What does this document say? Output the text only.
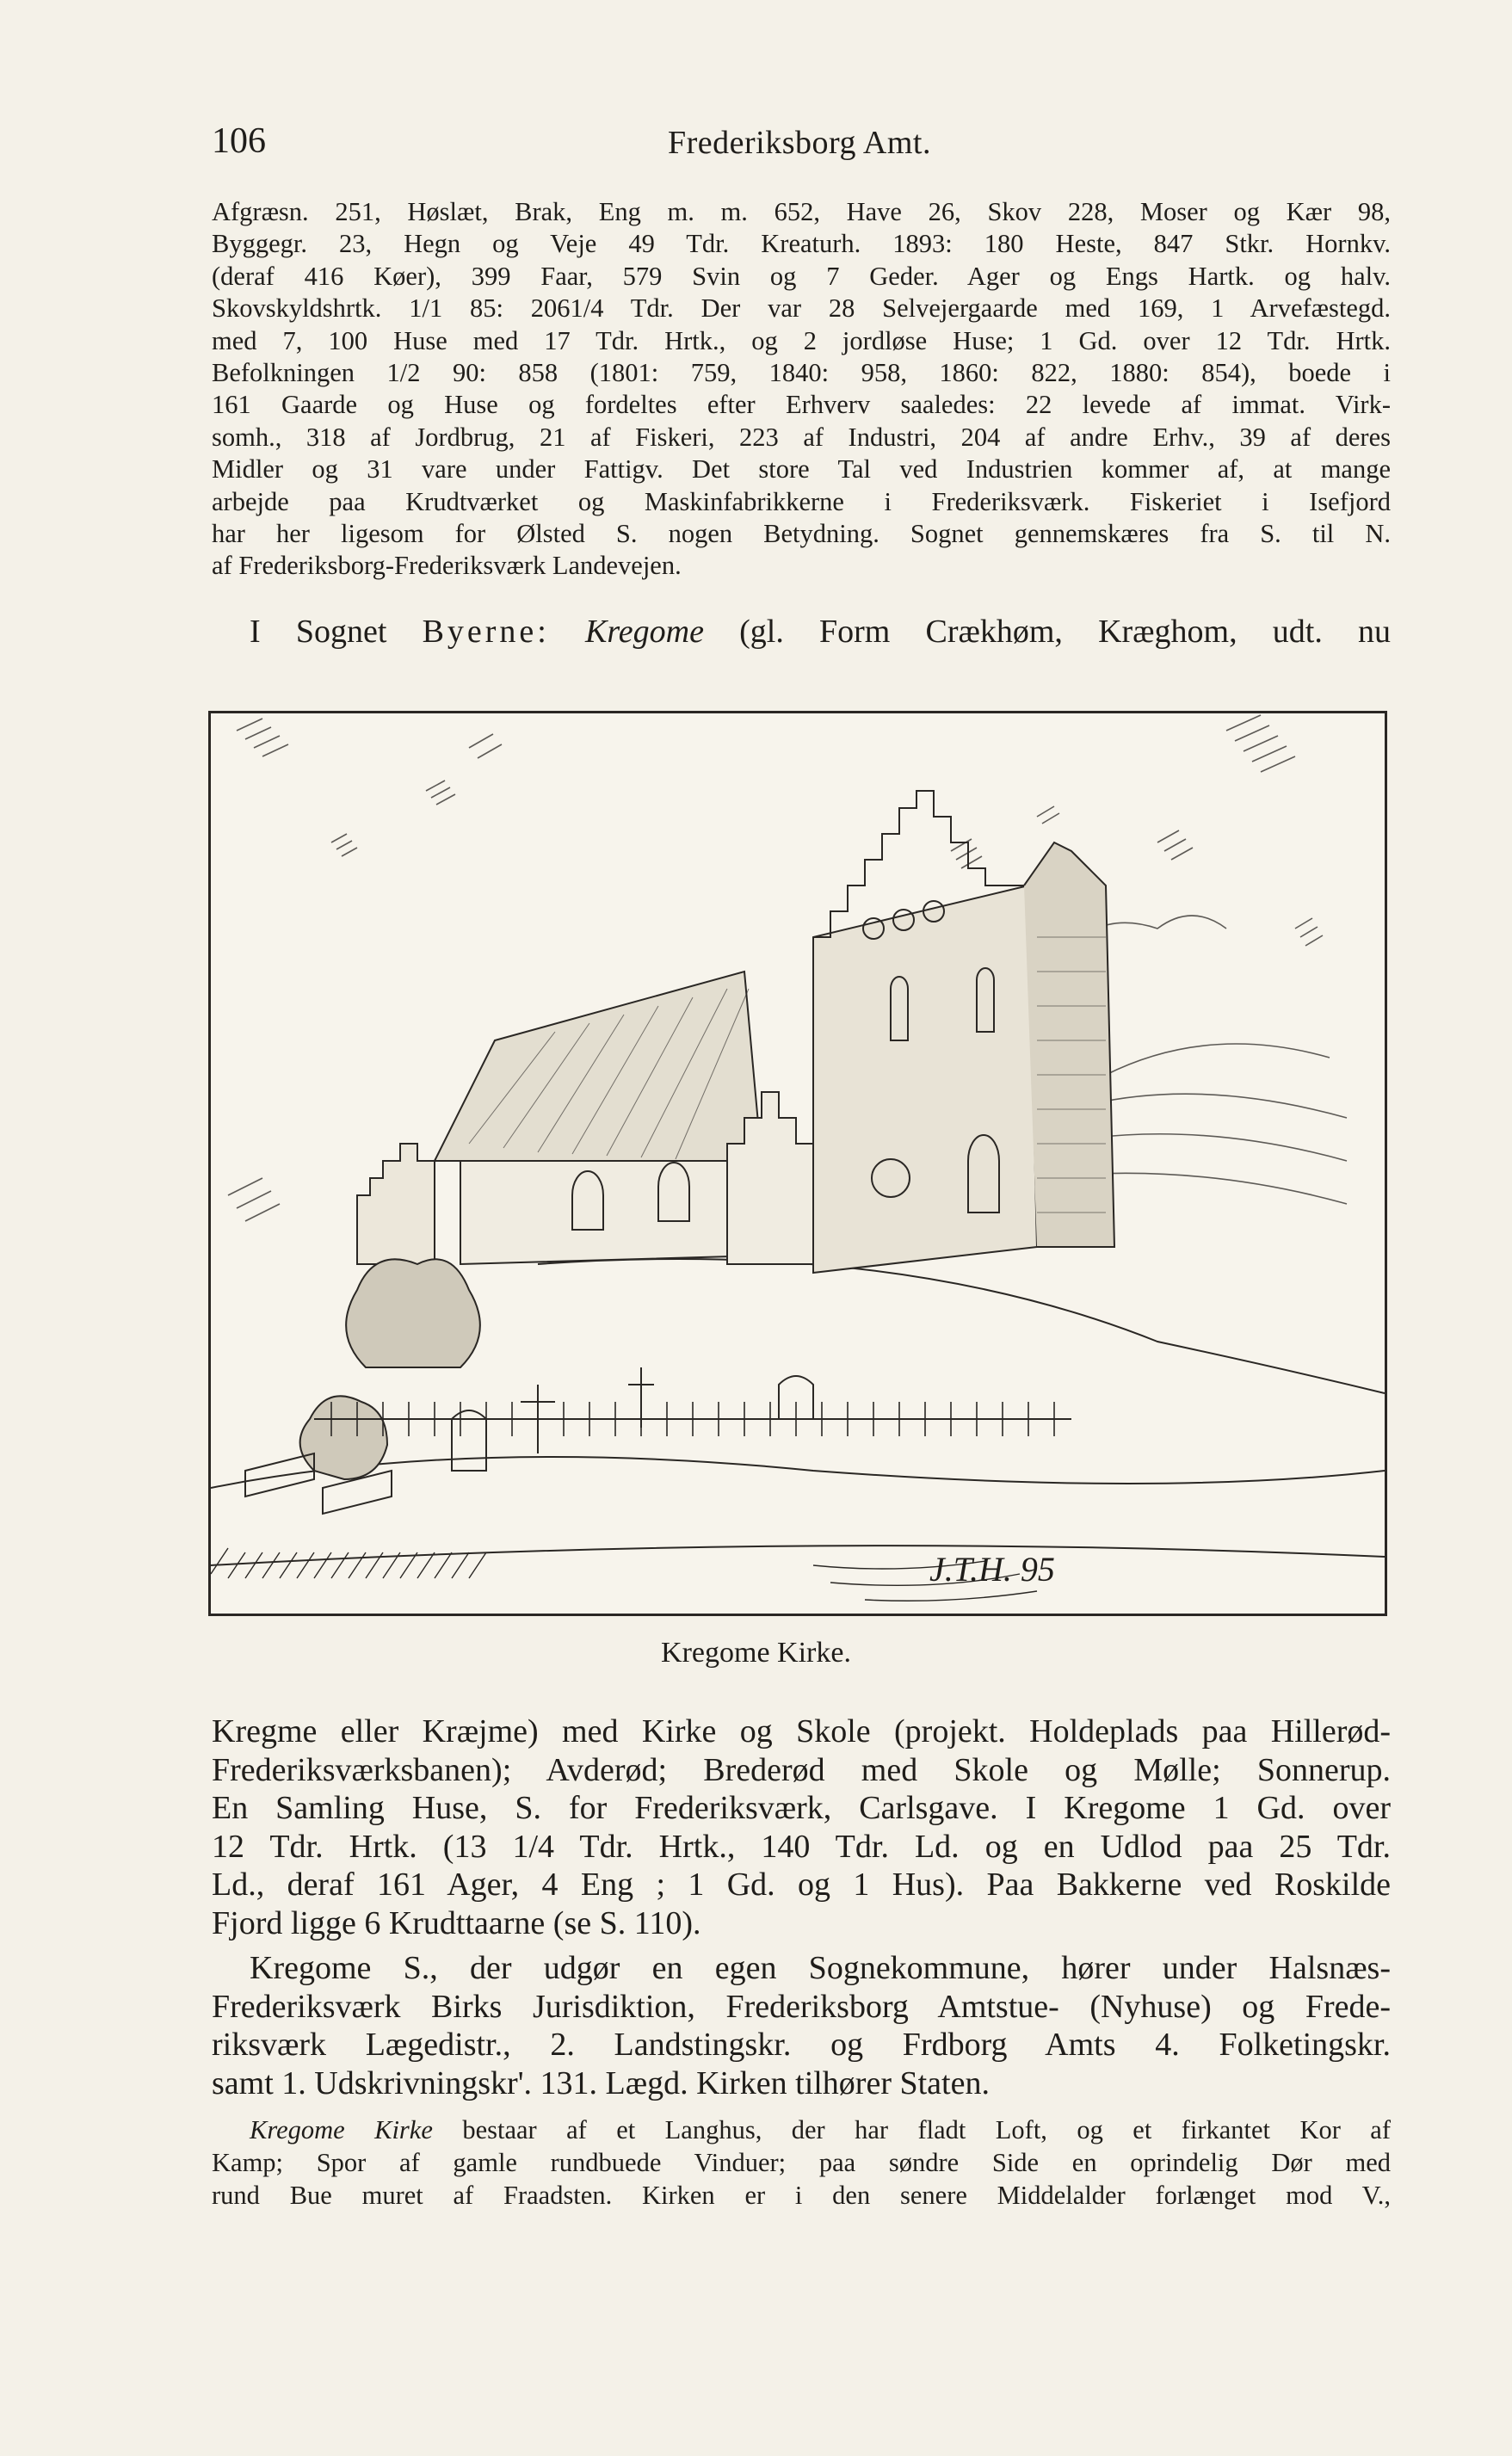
106	Frederiksborg Amt.
Afgræsn. 251, Høslæt, Brak, Eng m. m. 652, Have 26, Skov 228, Moser og Kær 98,
Byggegr. 23, Hegn og Veje 49 Tdr. Kreaturh. 1893: 180 Heste, 847 Stkr. Hornkv.
(deraf 416 Køer), 399 Faar, 579 Svin og 7 Geder. Ager og Engs Hartk. og halv.
Skovskyldshrtk. 1/1 85: 2061/4 Tdr. Der var 28 Selvejergaarde med 169, 1 Arvefæstegd.
med 7, 100 Huse med 17 Tdr. Hrtk., og 2 jordløse Huse; 1 Gd. over 12 Tdr. Hrtk.
Befolkningen 1/2 90: 858 (1801: 759, 1840: 958, 1860: 822, 1880: 854), boede i
161 Gaarde og Huse og fordeltes efter Erhverv saaledes: 22 levede af immat. Virk-
somh., 318 af Jordbrug, 21 af Fiskeri, 223 af Industri, 204 af andre Erhv., 39 af deres
Midler og 31 vare under Fattigv. Det store Tal ved Industrien kommer af, at mange
arbejde paa Krudtværket og Maskinfabrikkerne i Frederiksværk. Fiskeriet i Isefjord
har her ligesom for Ølsted S. nogen Betydning. Sognet gennemskæres fra S. til N.
af Frederiksborg-Frederiksværk Landevejen.
I Sognet Byerne: Kregome (gl. Form Crækhøm, Kræghom, udt. nu
Kregome Kirke.
Kregme eller Kræjme) med Kirke og Skole (projekt. Holdeplads paa Hillerød-
Frederiksværksbanen); Avderød; Brederød med Skole og Mølle; Sonnerup.
En Samling Huse, S. for Frederiksværk, Carlsgave. I Kregome 1 Gd. over
12 Tdr. Hrtk. (13 1/4 Tdr. Hrtk., 140 Tdr. Ld. og en Udlod paa 25 Tdr.
Ld., deraf 161 Ager, 4 Eng ; 1 Gd. og 1 Hus). Paa Bakkerne ved Roskilde
Fjord ligge 6 Krudttaarne (se S. 110).
Kregome S., der udgør en egen Sognekommune, hører under Halsnæs-
Frederiksværk Birks Jurisdiktion, Frederiksborg Amtstue- (Nyhuse) og Frede-
riksværk Lægedistr., 2. Landstingskr. og Frdborg Amts 4. Folketingskr.
samt 1. Udskrivningskr'. 131. Lægd. Kirken tilhører Staten.
Kregome Kirke bestaar af et Langhus, der har fladt Loft, og et firkantet Kor af
Kamp; Spor af gamle rundbuede Vinduer; paa søndre Side en oprindelig Dør med
rund Bue muret af Fraadsten. Kirken er i den senere Middelalder forlænget mod V.,
J.T.H. 95
